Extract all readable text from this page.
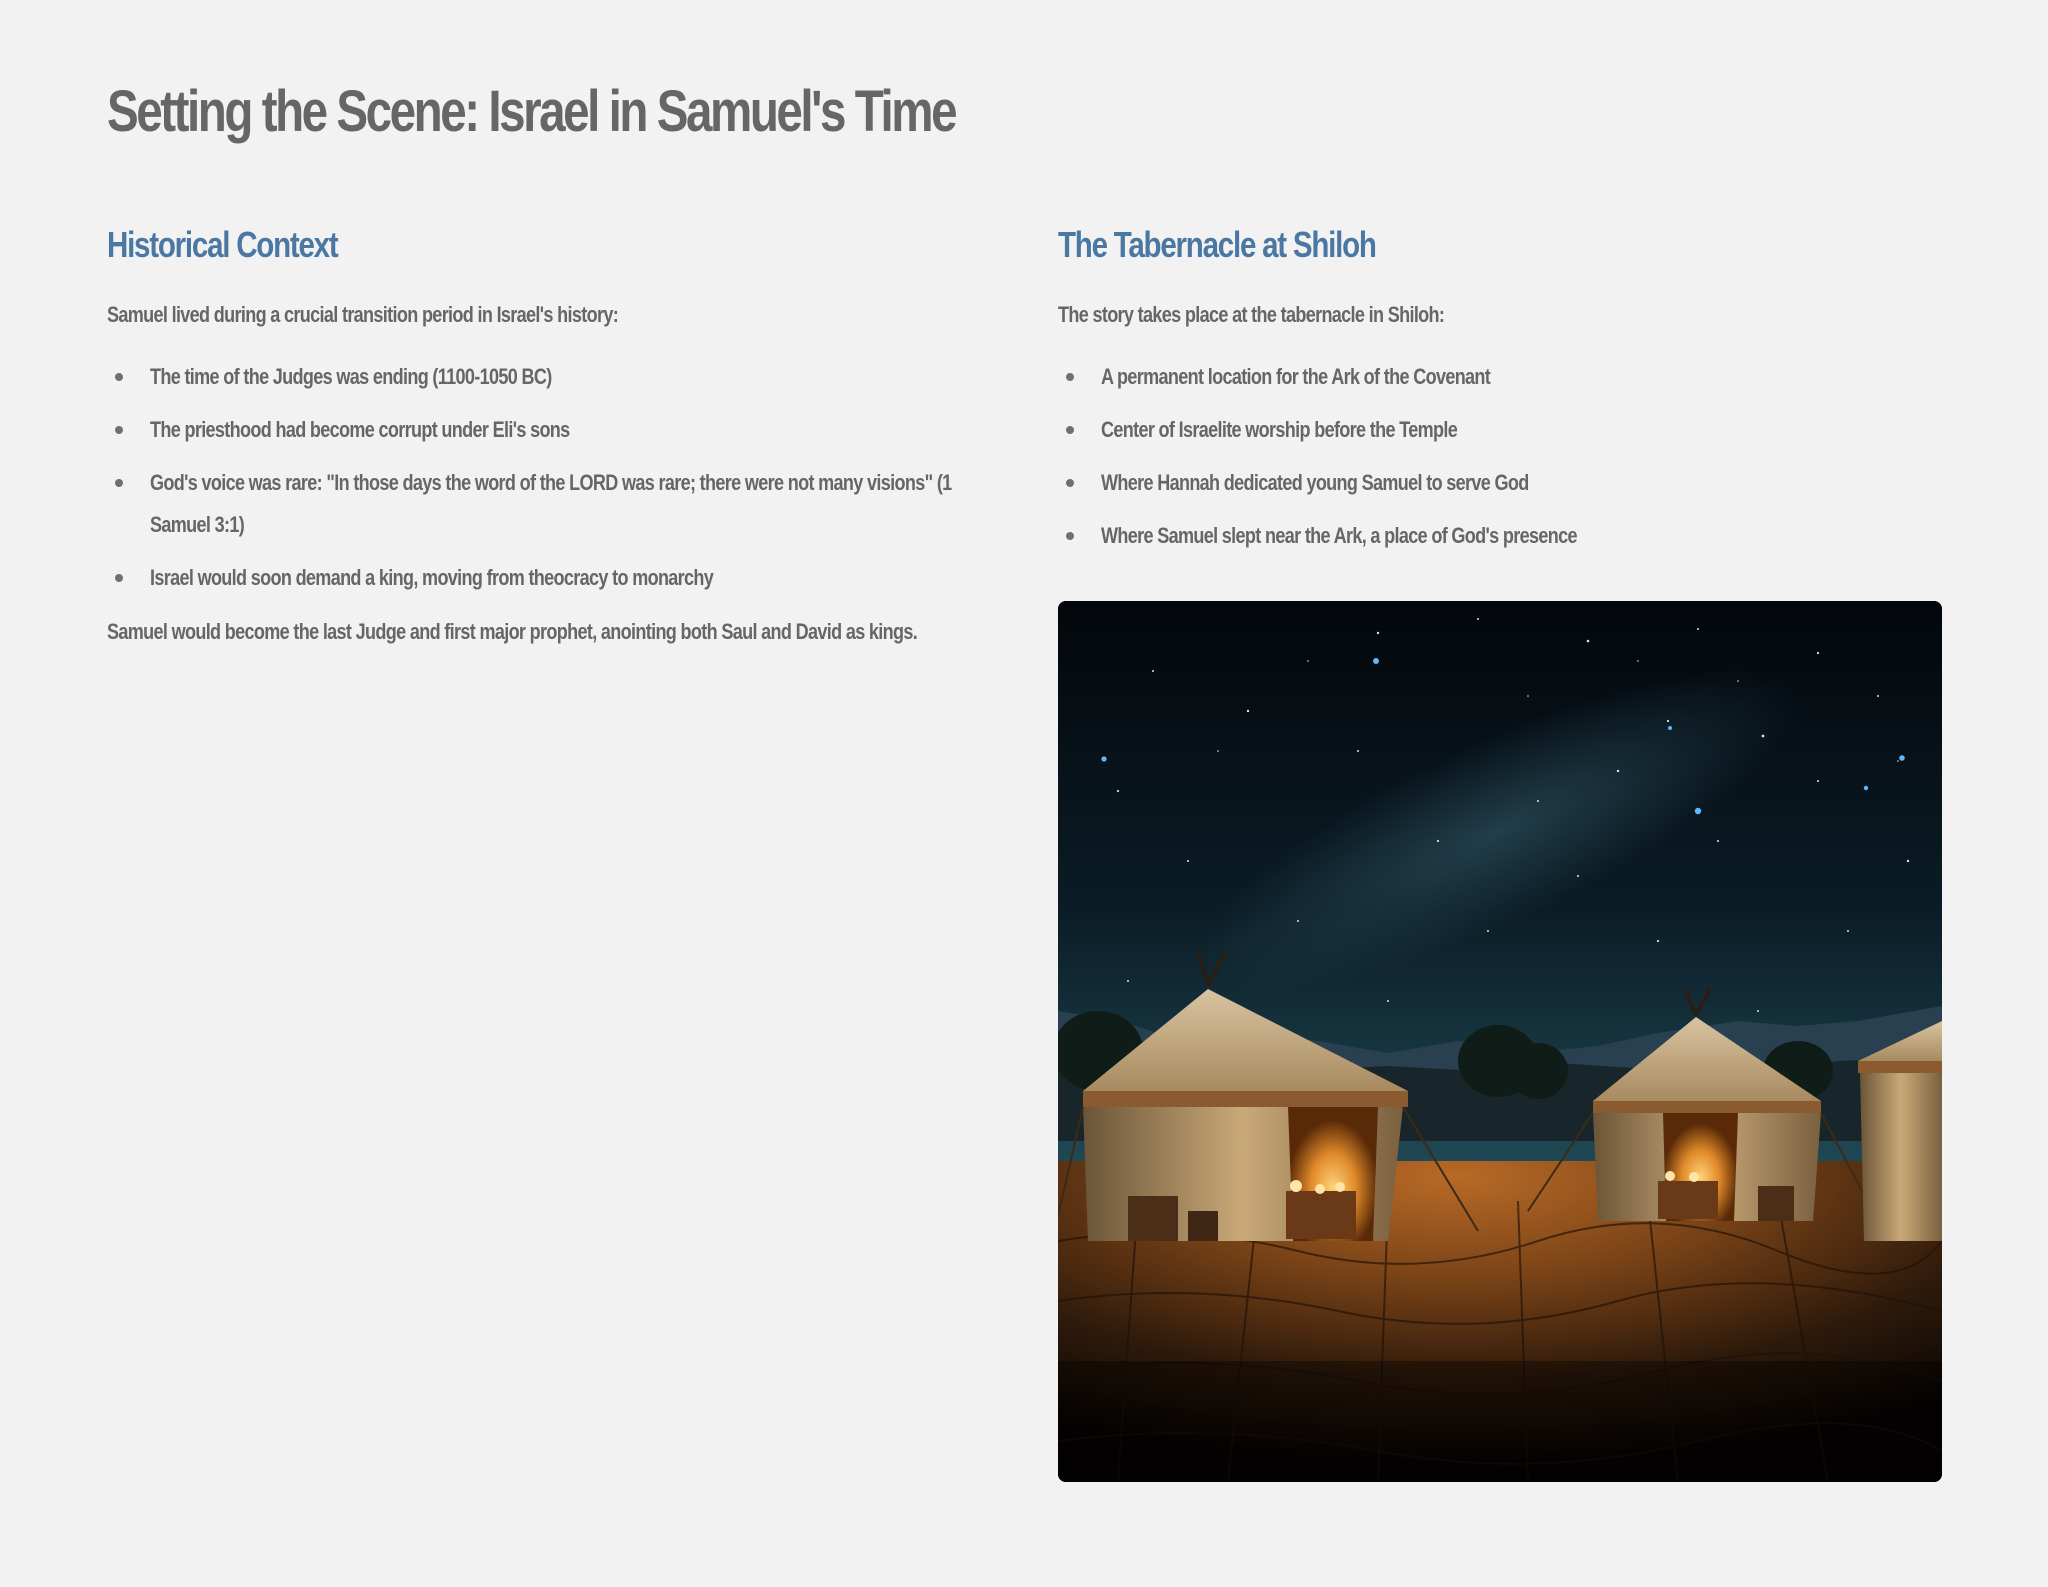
Setting the Scene: Israel in Samuel's Time
Historical Context

Samuel lived during a crucial transition period in Israel's history:

The time of the Judges was ending (1100-1050 BC)
The priesthood had become corrupt under Eli's sons
God's voice was rare: "In those days the word of the LORD was rare; there were not many visions" (1 Samuel 3:1)
Israel would soon demand a king, moving from theocracy to monarchy

Samuel would become the last Judge and first major prophet, anointing both Saul and David as kings.

The Tabernacle at Shiloh

The story takes place at the tabernacle in Shiloh:

A permanent location for the Ark of the Covenant
Center of Israelite worship before the Temple
Where Hannah dedicated young Samuel to serve God
Where Samuel slept near the Ark, a place of God's presence
